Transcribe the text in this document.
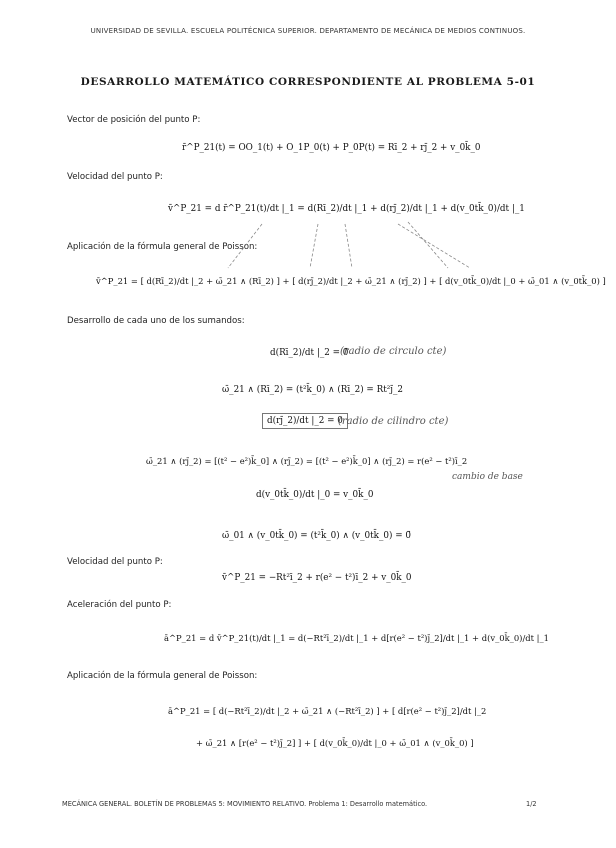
UNIVERSIDAD DE SEVILLA. ESCUELA POLITÉCNICA SUPERIOR. DEPARTAMENTO DE MECÁNICA DE MEDIOS CONTINUOS.
DESARROLLO MATEMÁTICO CORRESPONDIENTE AL PROBLEMA 5-01
Vector de posición del punto P:
r̄^P_21(t) = OO_1(t) + O_1P_0(t) + P_0P(t) = Rī_2 + rj̄_2 + v_0k̄_0
Velocidad del punto P:
v̄^P_21 = d r̄^P_21(t)/dt |_1 = d(Rī_2)/dt |_1 + d(rj̄_2)/dt |_1 + d(v_0tk̄_0)/dt |_1
Aplicación de la fórmula general de Poisson:
v̄^P_21 = [ d(Rī_2)/dt |_2 + ω̄_21 ∧ (Rī_2) ] + [ d(rj̄_2)/dt |_2 + ω̄_21 ∧ (rj̄_2) ] + [ d(v_0tk̄_0)/dt |_0 + ω̄_01 ∧ (v_0tk̄_0) ]
Desarrollo de cada uno de los sumandos:
d(Rī_2)/dt |_2 = 0̄
(radio de circulo cte)
ω̄_21 ∧ (Rī_2) = (t²k̄_0) ∧ (Rī_2) = Rt²j̄_2
d(rj̄_2)/dt |_2 = 0
(radio de cilindro cte)
ω̄_21 ∧ (rj̄_2) = [(t² − e²)k̄_0] ∧ (rj̄_2) = [(t² − e²)k̄_0] ∧ (rj̄_2) = r(e² − t²)ī_2
cambio de base
d(v_0tk̄_0)/dt |_0 = v_0k̄_0
ω̄_01 ∧ (v_0tk̄_0) = (t²k̄_0) ∧ (v_0tk̄_0) = 0̄
Velocidad del punto P:
v̄^P_21 = −Rt²ī_2 + r(e² − t²)ī_2 + v_0k̄_0
Aceleración del punto P:
ā^P_21 = d v̄^P_21(t)/dt |_1 = d(−Rt²ī_2)/dt |_1 + d[r(e² − t²)j̄_2]/dt |_1 + d(v_0k̄_0)/dt |_1
Aplicación de la fórmula general de Poisson:
ā^P_21 = [ d(−Rt²ī_2)/dt |_2 + ω̄_21 ∧ (−Rt²ī_2) ] + [ d[r(e² − t²)j̄_2]/dt |_2
+ ω̄_21 ∧ [r(e² − t²)j̄_2] ] + [ d(v_0k̄_0)/dt |_0 + ω̄_01 ∧ (v_0k̄_0) ]
MECÁNICA GENERAL. BOLETÍN DE PROBLEMAS 5: MOVIMIENTO RELATIVO. Problema 1: Desarrollo matemático.	1/2
